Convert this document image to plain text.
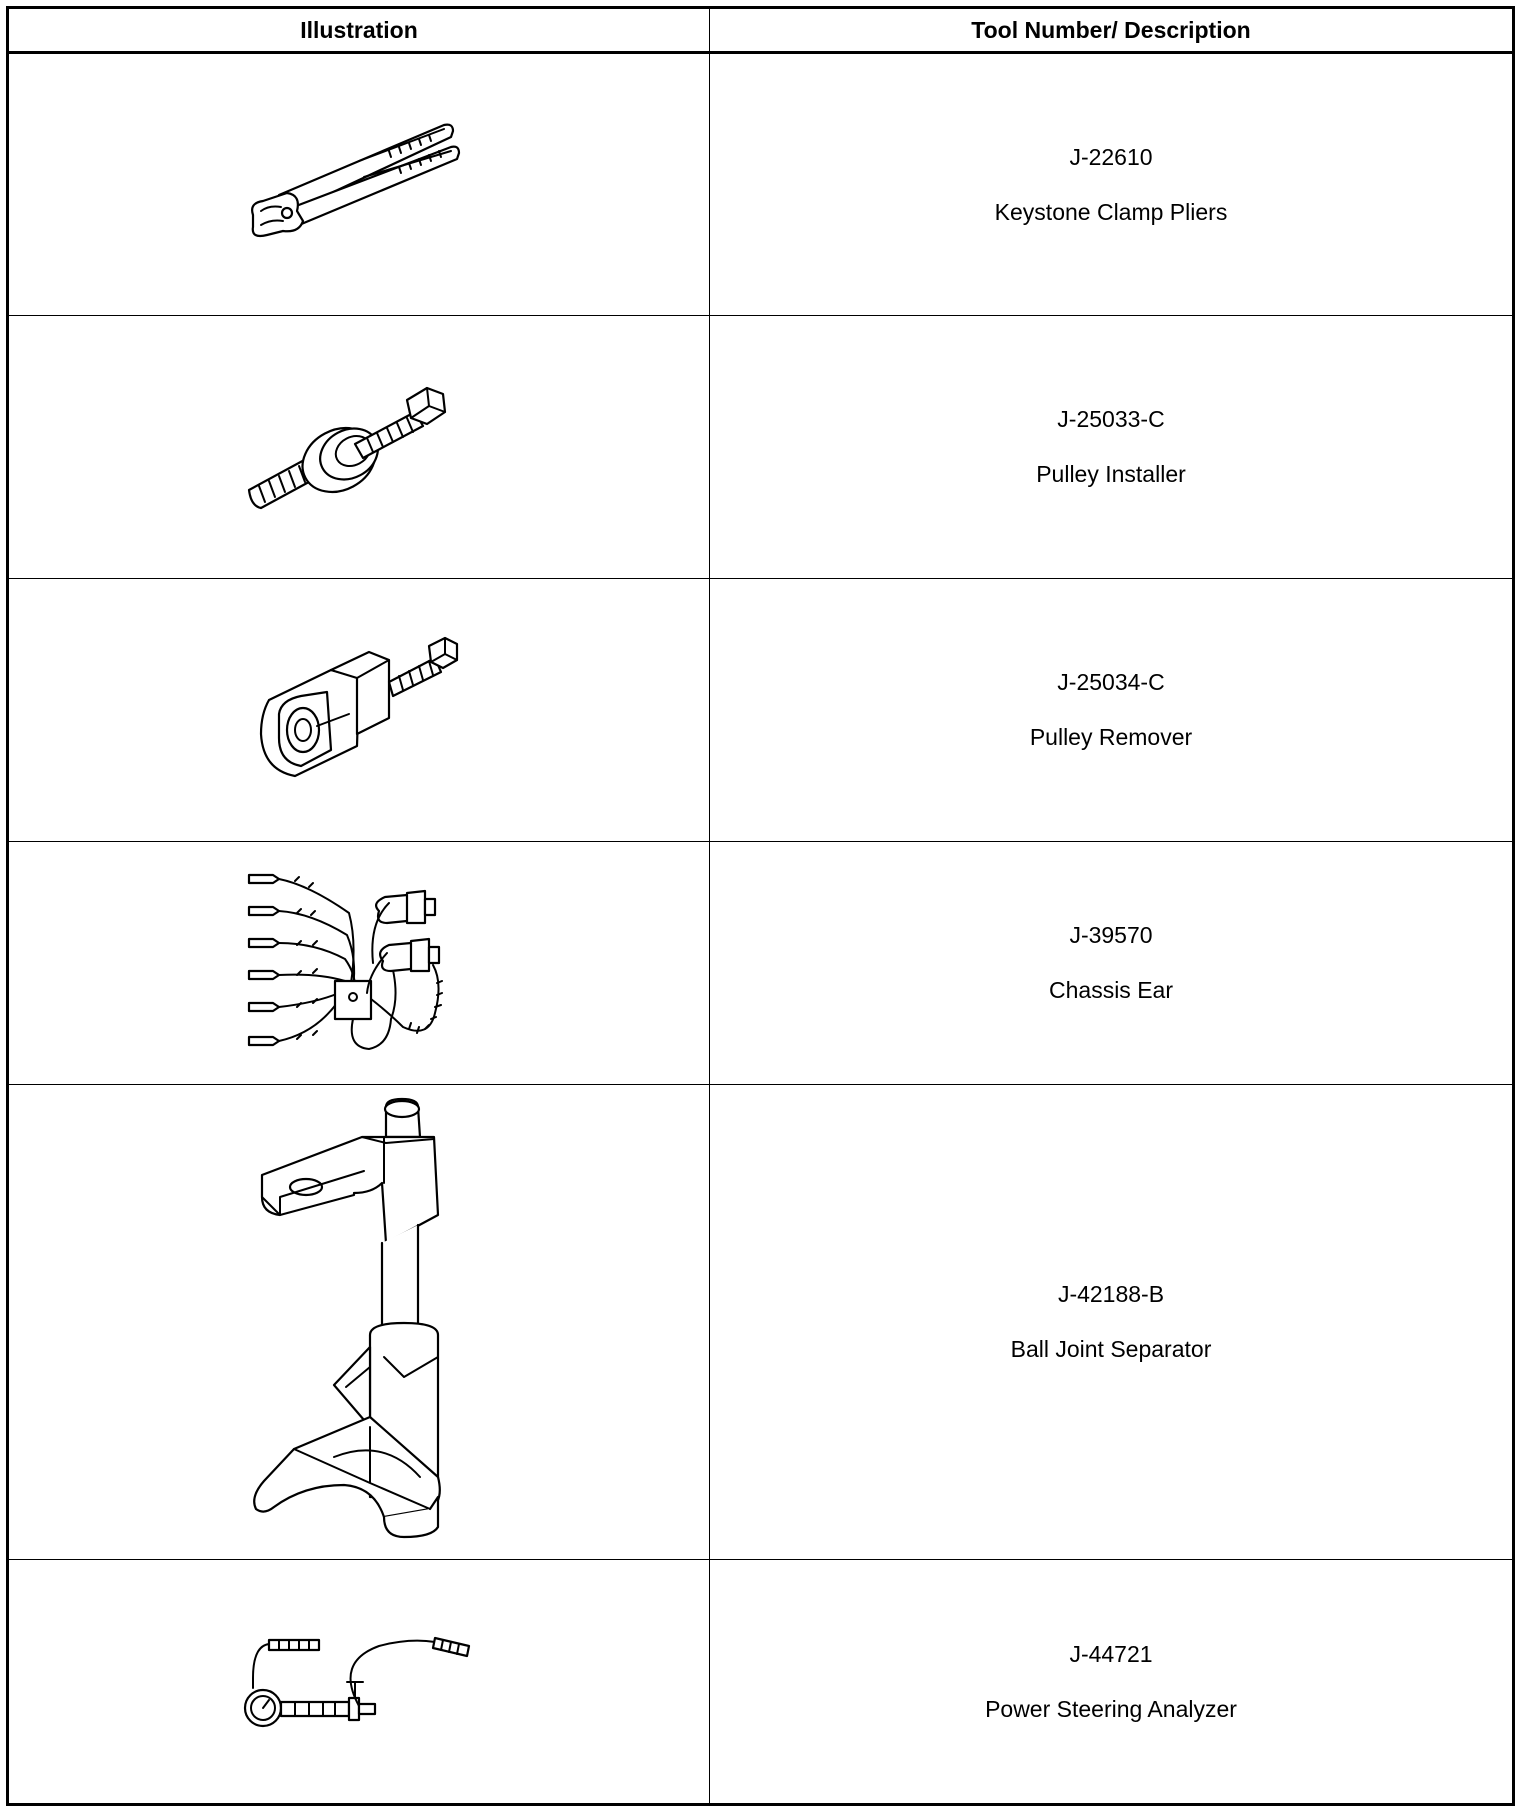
Illustration	Tool Number/ Description

J-22610
Keystone Clamp Pliers

J-25033-C
Pulley Installer

J-25034-C
Pulley Remover

J-39570
Chassis Ear

J-42188-B
Ball Joint Separator

J-44721
Power Steering Analyzer
